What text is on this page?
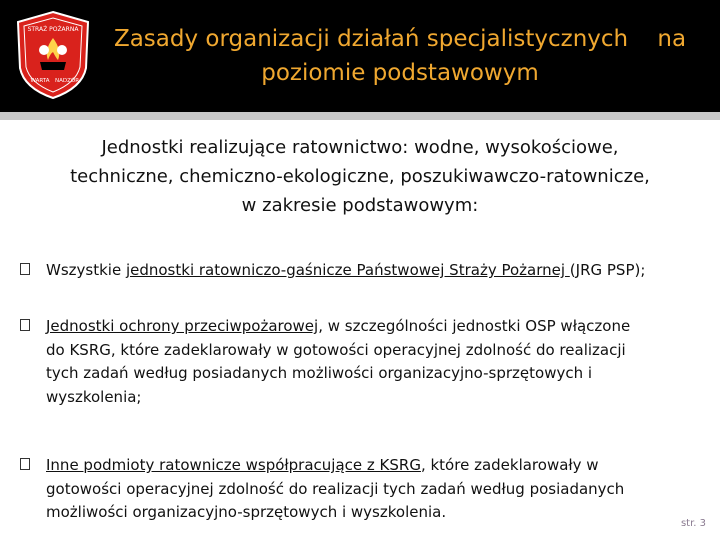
STRAŻ POŻARNA
WARTA NADZÓR
Zasady organizacji działań specjalistycznych    na
poziomie podstawowym
Jednostki realizujące ratownictwo: wodne, wysokościowe,
techniczne, chemiczno-ekologiczne, poszukiwawczo-ratownicze,
w zakresie podstawowym:
Wszystkie jednostki ratowniczo-gaśnicze Państwowej Straży Pożarnej (JRG PSP);
Jednostki ochrony przeciwpożarowej, w szczególności jednostki OSP włączone
do KSRG, które zadeklarowały w gotowości operacyjnej zdolność do realizacji
tych zadań według posiadanych możliwości organizacyjno-sprzętowych i
wyszkolenia;
Inne podmioty ratownicze współpracujące z KSRG, które zadeklarowały w
gotowości operacyjnej zdolność do realizacji tych zadań według posiadanych
możliwości organizacyjno-sprzętowych i wyszkolenia.
str. 3
